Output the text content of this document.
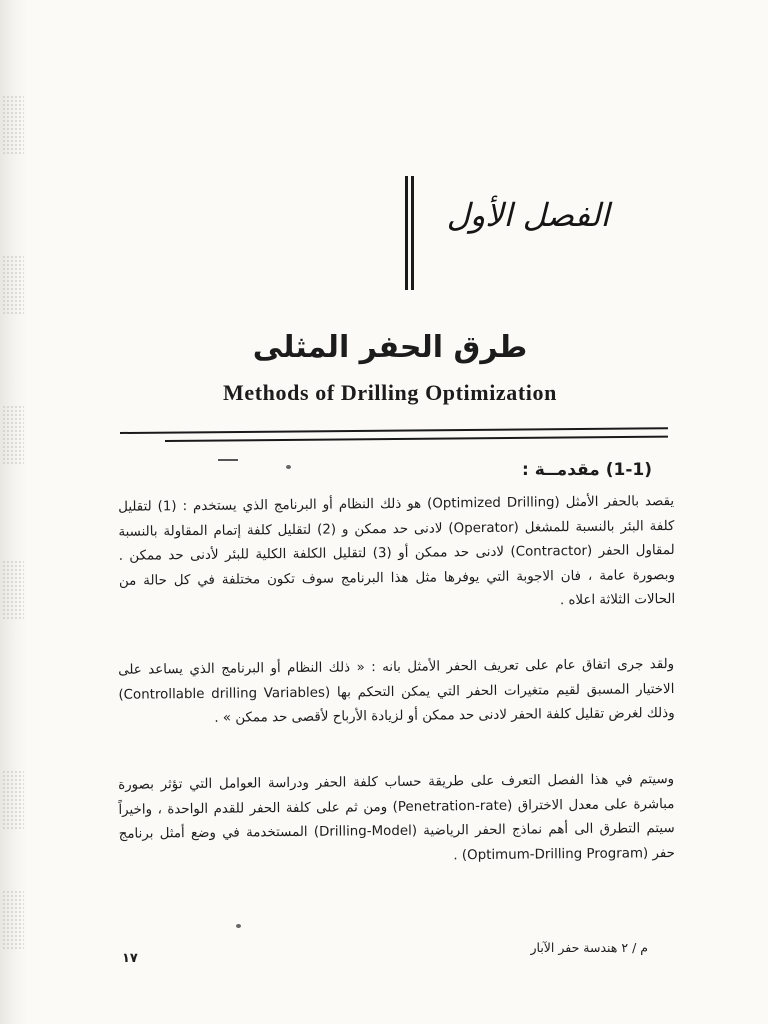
الفصل الأول
طرق الحفر المثلى
Methods of Drilling Optimization
(1-1) مقدمــة :
يقصد بالحفر الأمثل (Optimized Drilling) هو ذلك النظام أو البرنامج الذي يستخدم : (1) لتقليل كلفة البئر بالنسبة للمشغل (Operator) لادنى حد ممكن و (2) لتقليل كلفة إتمام المقاولة بالنسبة لمقاول الحفر (Contractor) لادنى حد ممكن أو (3) لتقليل الكلفة الكلية للبئر لأدنى حد ممكن . وبصورة عامة ، فان الاجوبة التي يوفرها مثل هذا البرنامج سوف تكون مختلفة في كل حالة من الحالات الثلاثة اعلاه .
ولقد جرى اتفاق عام على تعريف الحفر الأمثل بانه : « ذلك النظام أو البرنامج الذي يساعد على الاختيار المسبق لقيم متغيرات الحفر التي يمكن التحكم بها (Controllable drilling Variables) وذلك لغرض تقليل كلفة الحفر لادنى حد ممكن أو لزيادة الأرباح لأقصى حد ممكن » .
وسيتم في هذا الفصل التعرف على طريقة حساب كلفة الحفر ودراسة العوامل التي تؤثر بصورة مباشرة على معدل الاختراق (Penetration-rate) ومن ثم على كلفة الحفر للقدم الواحدة ، واخيراً سيتم التطرق الى أهم نماذج الحفر الرياضية (Drilling-Model) المستخدمة في وضع أمثل برنامج حفر (Optimum-Drilling Program) .
م / ٢ هندسة حفر الآبار
١٧
